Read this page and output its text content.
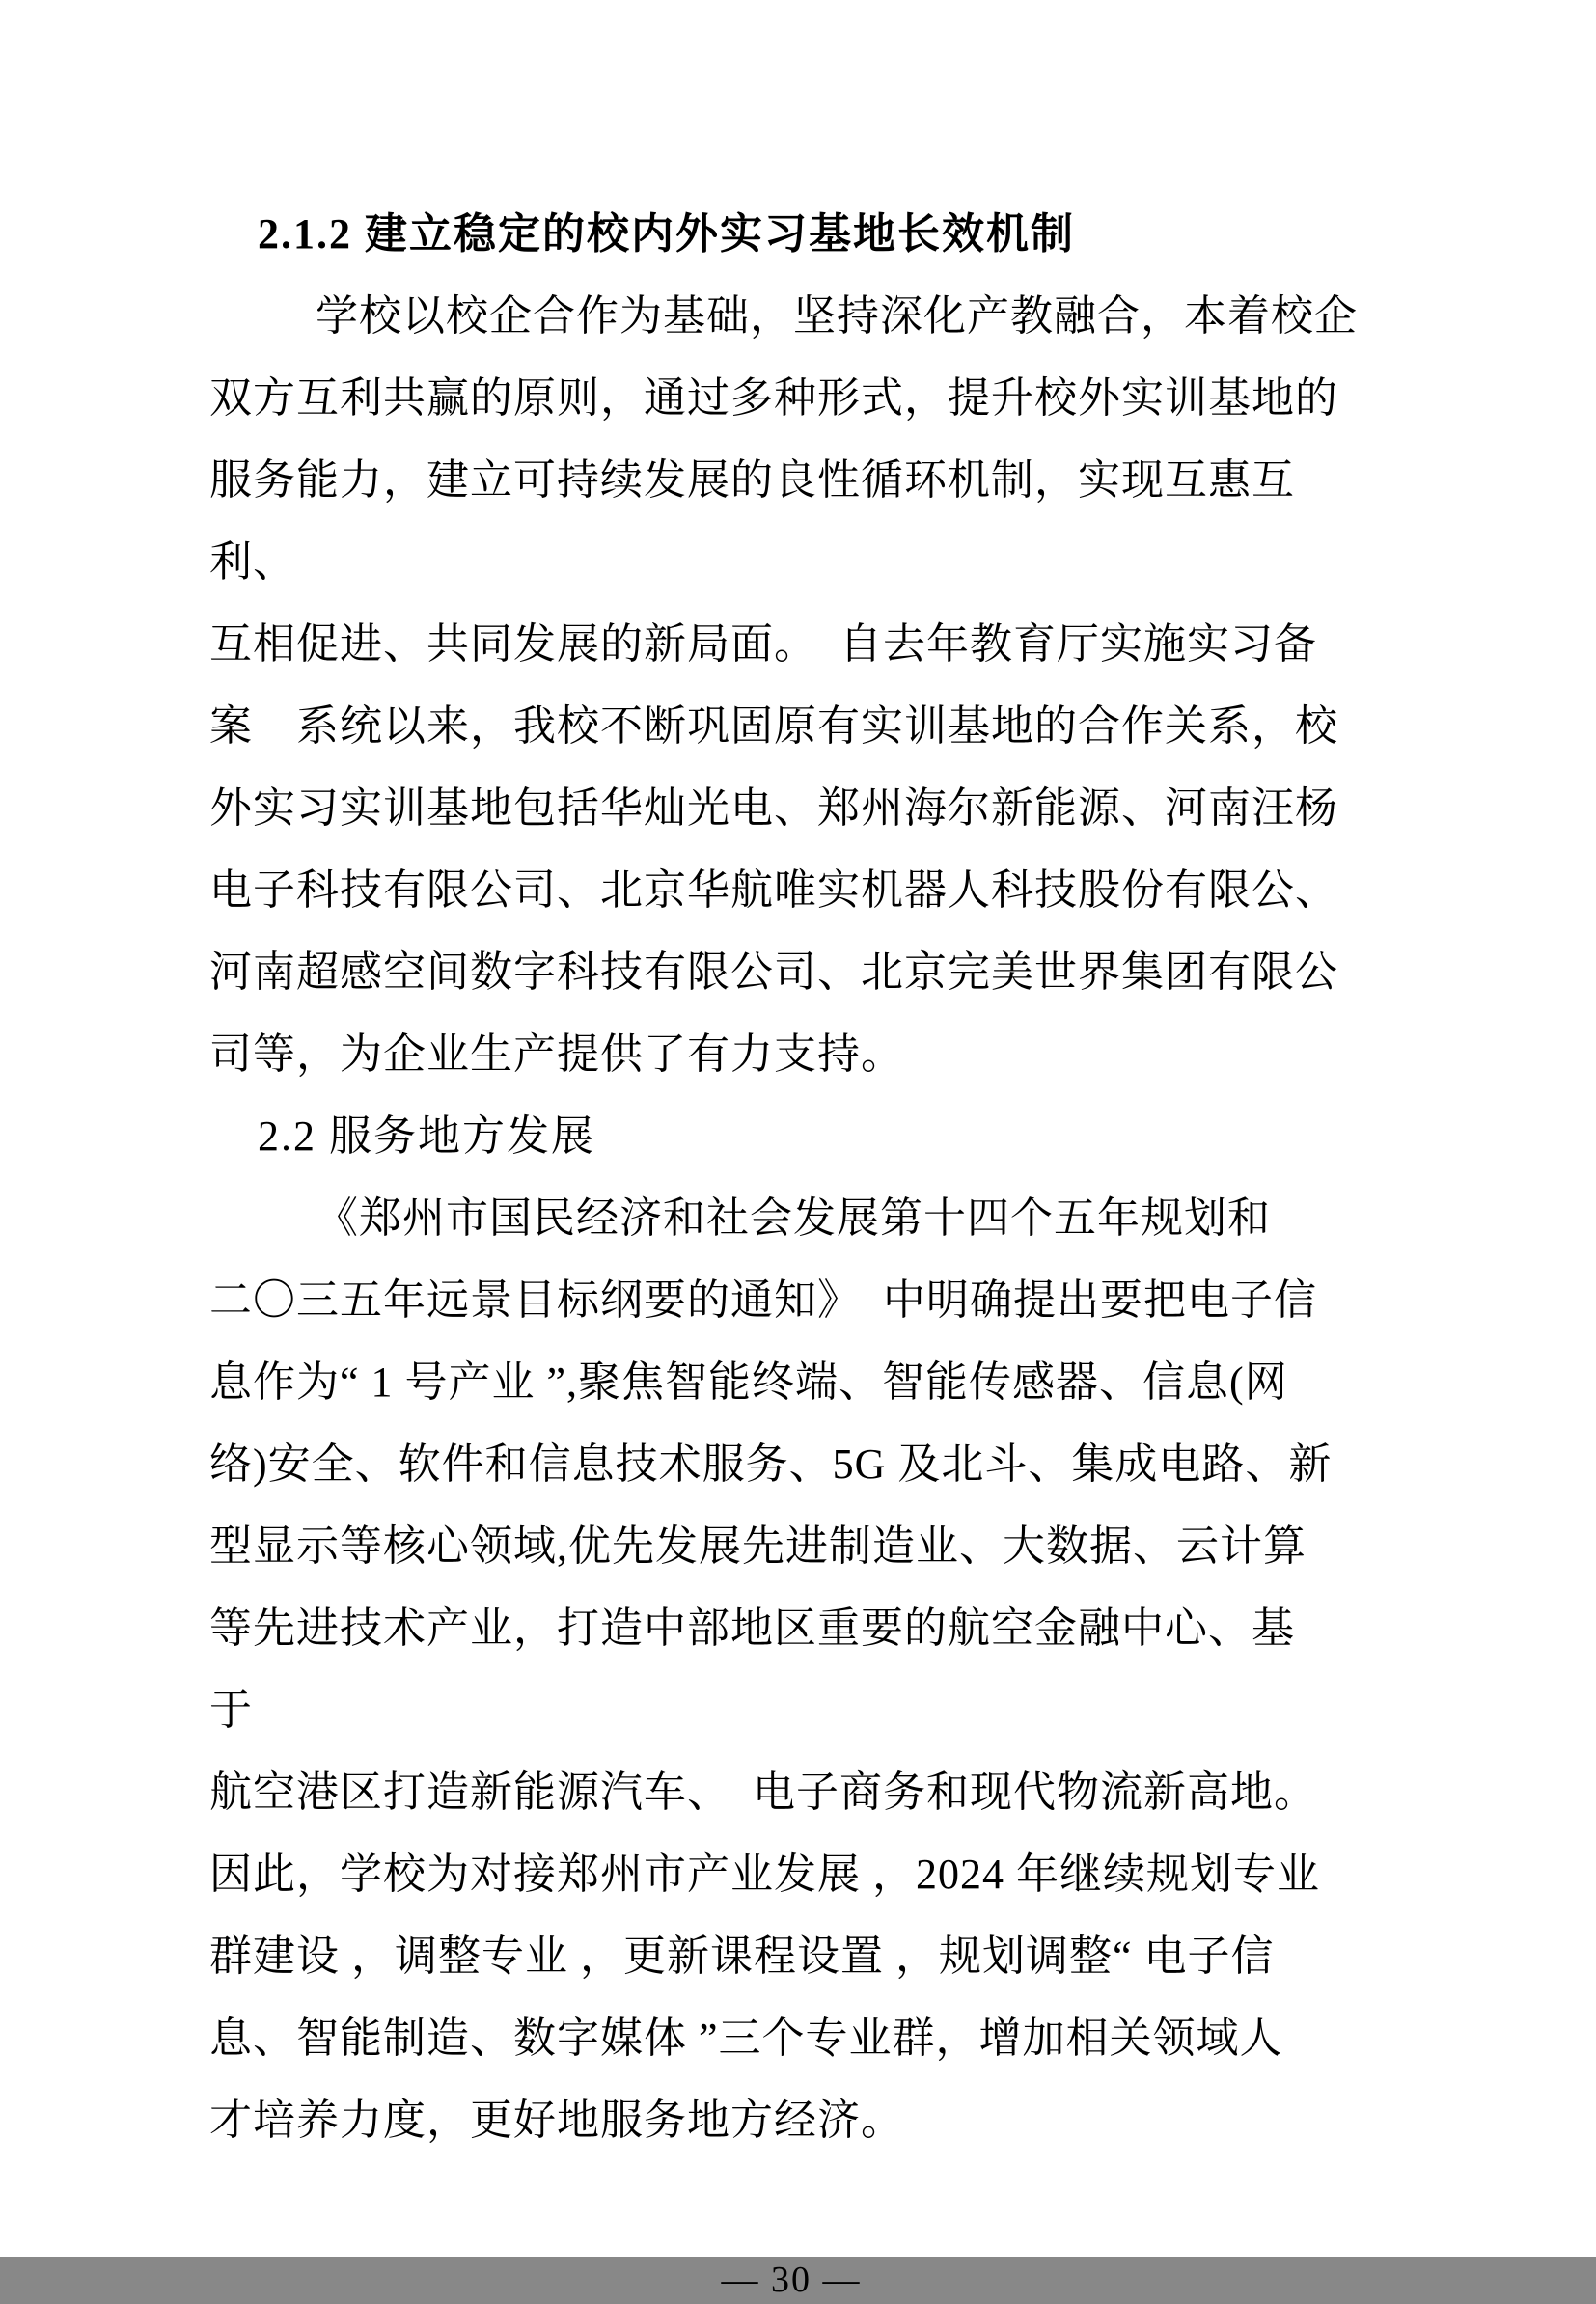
2.1.2 建立稳定的校内外实习基地长效机制
学校以校企合作为基础，坚持深化产教融合，本着校企
双方互利共赢的原则，通过多种形式，提升校外实训基地的
服务能力，建立可持续发展的良性循环机制，实现互惠互利、
互相促进、共同发展的新局面。　自去年教育厅实施实习备
案　系统以来，我校不断巩固原有实训基地的合作关系，校
外实习实训基地包括华灿光电、郑州海尔新能源、河南汪杨
电子科技有限公司、北京华航唯实机器人科技股份有限公、
河南超感空间数字科技有限公司、北京完美世界集团有限公
司等，为企业生产提供了有力支持。
2.2 服务地方发展
《郑州市国民经济和社会发展第十四个五年规划和
二〇三五年远景目标纲要的通知》　中明确提出要把电子信
息作为“ 1 号产业 ”,聚焦智能终端、智能传感器、信息(网
络)安全、软件和信息技术服务、5G 及北斗、集成电路、新
型显示等核心领域,优先发展先进制造业、大数据、云计算
等先进技术产业，打造中部地区重要的航空金融中心、基　于
航空港区打造新能源汽车、　电子商务和现代物流新高地。
因此，学校为对接郑州市产业发展 ，2024 年继续规划专业
群建设 ，调整专业 ，更新课程设置 ，规划调整“ 电子信
息、智能制造、数字媒体 ”三个专业群，增加相关领域人
才培养力度，更好地服务地方经济。
— 30 —
